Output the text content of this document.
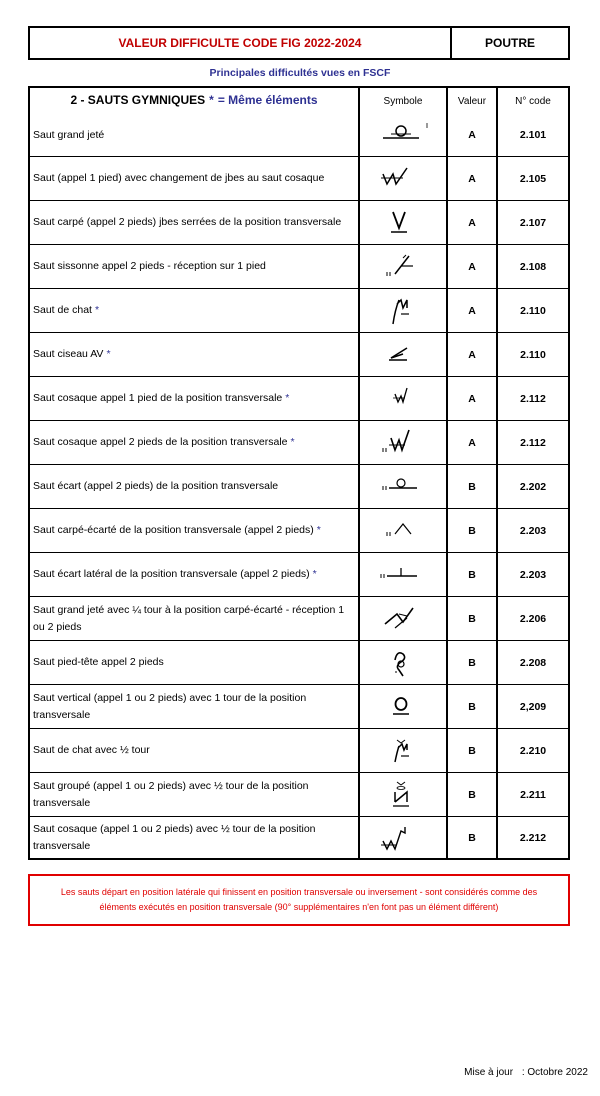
VALEUR DIFFICULTE CODE FIG 2022-2024	POUTRE
Principales difficultés vues en FSCF
2 - SAUTS GYMNIQUES * = Même éléments	Symbole	Valeur	N° code
Saut grand jeté	A	2.101
Saut (appel 1 pied) avec changement de jbes au saut cosaque	A	2.105
Saut carpé (appel 2 pieds) jbes serrées de la position transversale	A	2.107
Saut sissonne appel 2 pieds - réception sur 1 pied	A	2.108
Saut de chat *	A	2.110
Saut ciseau AV *	A	2.110
Saut cosaque appel 1 pied de la position transversale *	A	2.112
Saut cosaque appel 2 pieds de la position transversale *	A	2.112
Saut écart (appel 2 pieds) de la position transversale	B	2.202
Saut carpé-écarté de la position transversale (appel 2 pieds) *	B	2.203
Saut écart latéral de la position transversale (appel 2 pieds) *	B	2.203
Saut grand jeté avec ¼ tour à la position carpé-écarté - réception 1 ou 2 pieds
B	2.206
Saut pied-tête appel 2 pieds	B	2.208
Saut vertical (appel 1 ou 2 pieds) avec 1 tour de la position transversale
B	2,209
Saut de chat avec ½ tour	B	2.210
Saut groupé (appel 1 ou 2 pieds) avec ½ tour de la position transversale
B	2.211
Saut cosaque (appel 1 ou 2 pieds) avec ½ tour de la position transversale
B	2.212
Les sauts départ en position latérale qui finissent en position transversale ou inversement - sont considérés comme des éléments exécutés en position transversale (90° supplémentaires n'en font pas un élément différent)
Mise à jour : Octobre 2022
